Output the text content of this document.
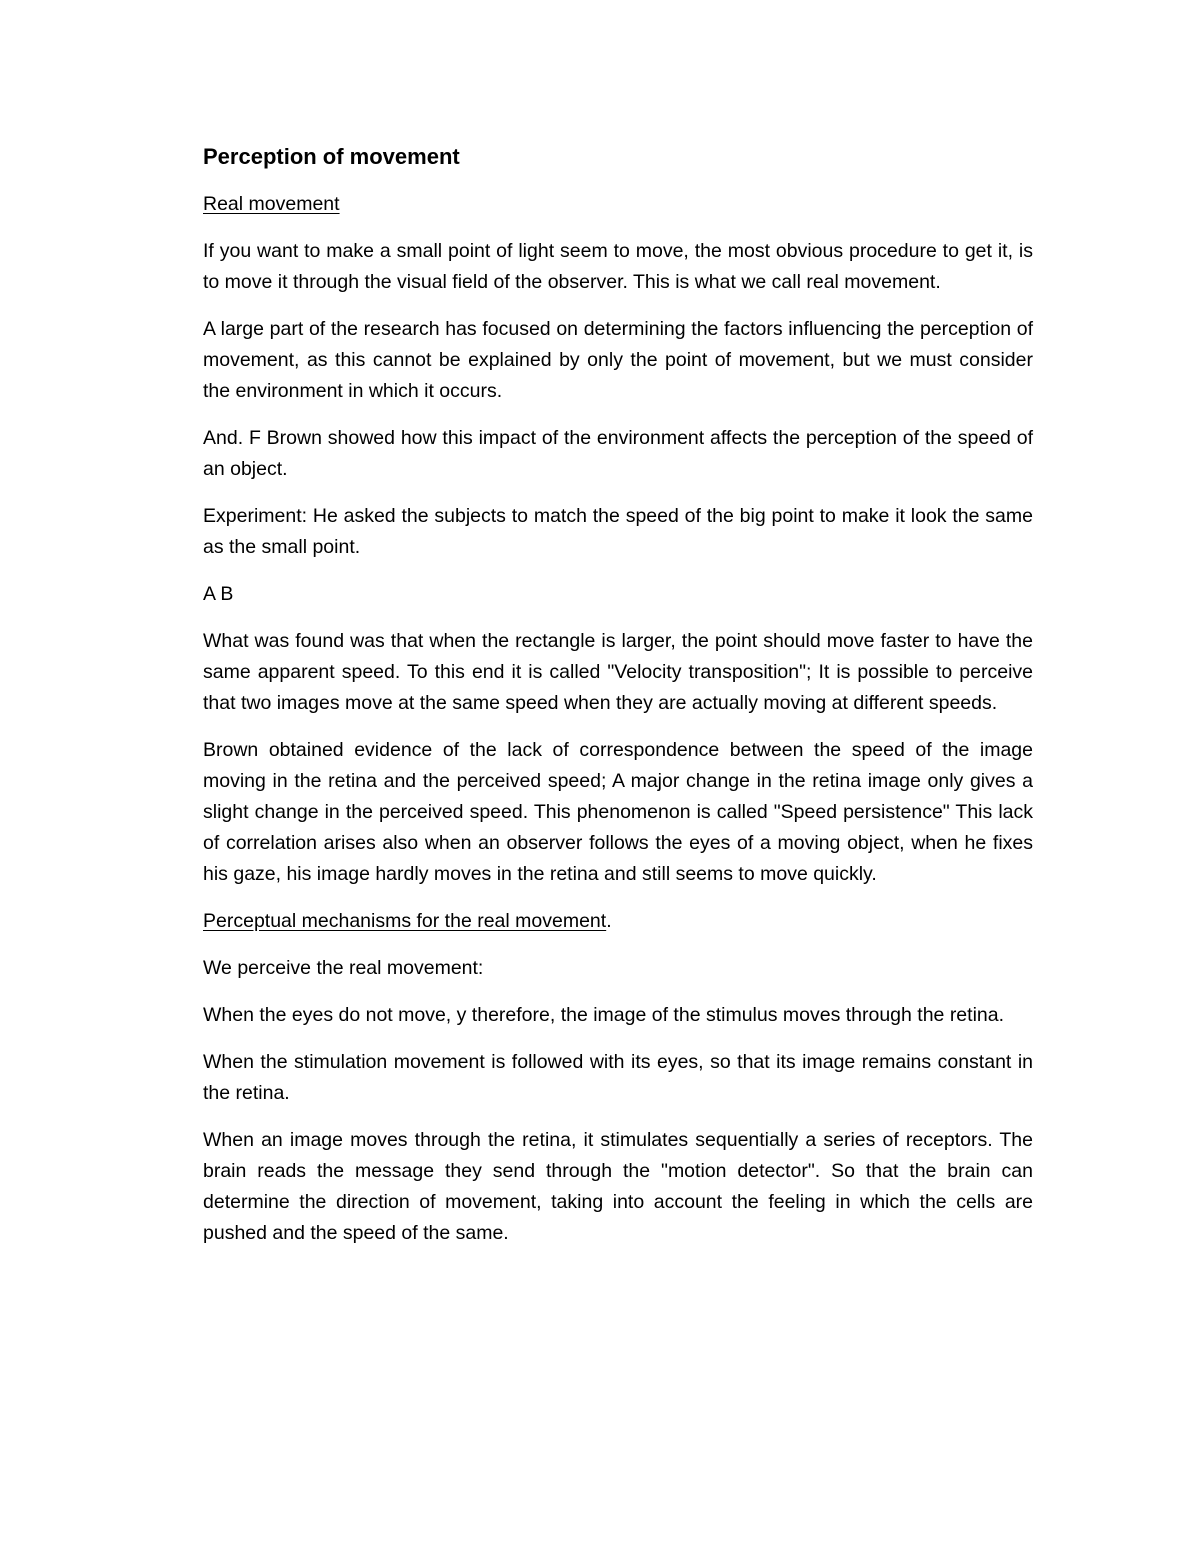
Perception of movement
Real movement
If you want to make a small point of light seem to move, the most obvious procedure to get it, is to move it through the visual field of the observer. This is what we call real movement.
A large part of the research has focused on determining the factors influencing the perception of movement, as this cannot be explained by only the point of movement, but we must consider the environment in which it occurs.
And. F Brown showed how this impact of the environment affects the perception of the speed of an object.
Experiment: He asked the subjects to match the speed of the big point to make it look the same as the small point.
A B
What was found was that when the rectangle is larger, the point should move faster to have the same apparent speed. To this end it is called "Velocity transposition"; It is possible to perceive that two images move at the same speed when they are actually moving at different speeds.
Brown obtained evidence of the lack of correspondence between the speed of the image moving in the retina and the perceived speed; A major change in the retina image only gives a slight change in the perceived speed. This phenomenon is called "Speed persistence" This lack of correlation arises also when an observer follows the eyes of a moving object, when he fixes his gaze, his image hardly moves in the retina and still seems to move quickly.
Perceptual mechanisms for the real movement.
We perceive the real movement:
When the eyes do not move, y therefore, the image of the stimulus moves through the retina.
When the stimulation movement is followed with its eyes, so that its image remains constant in the retina.
When an image moves through the retina, it stimulates sequentially a series of receptors. The brain reads the message they send through the "motion detector". So that the brain can determine the direction of movement, taking into account the feeling in which the cells are pushed and the speed of the same.
